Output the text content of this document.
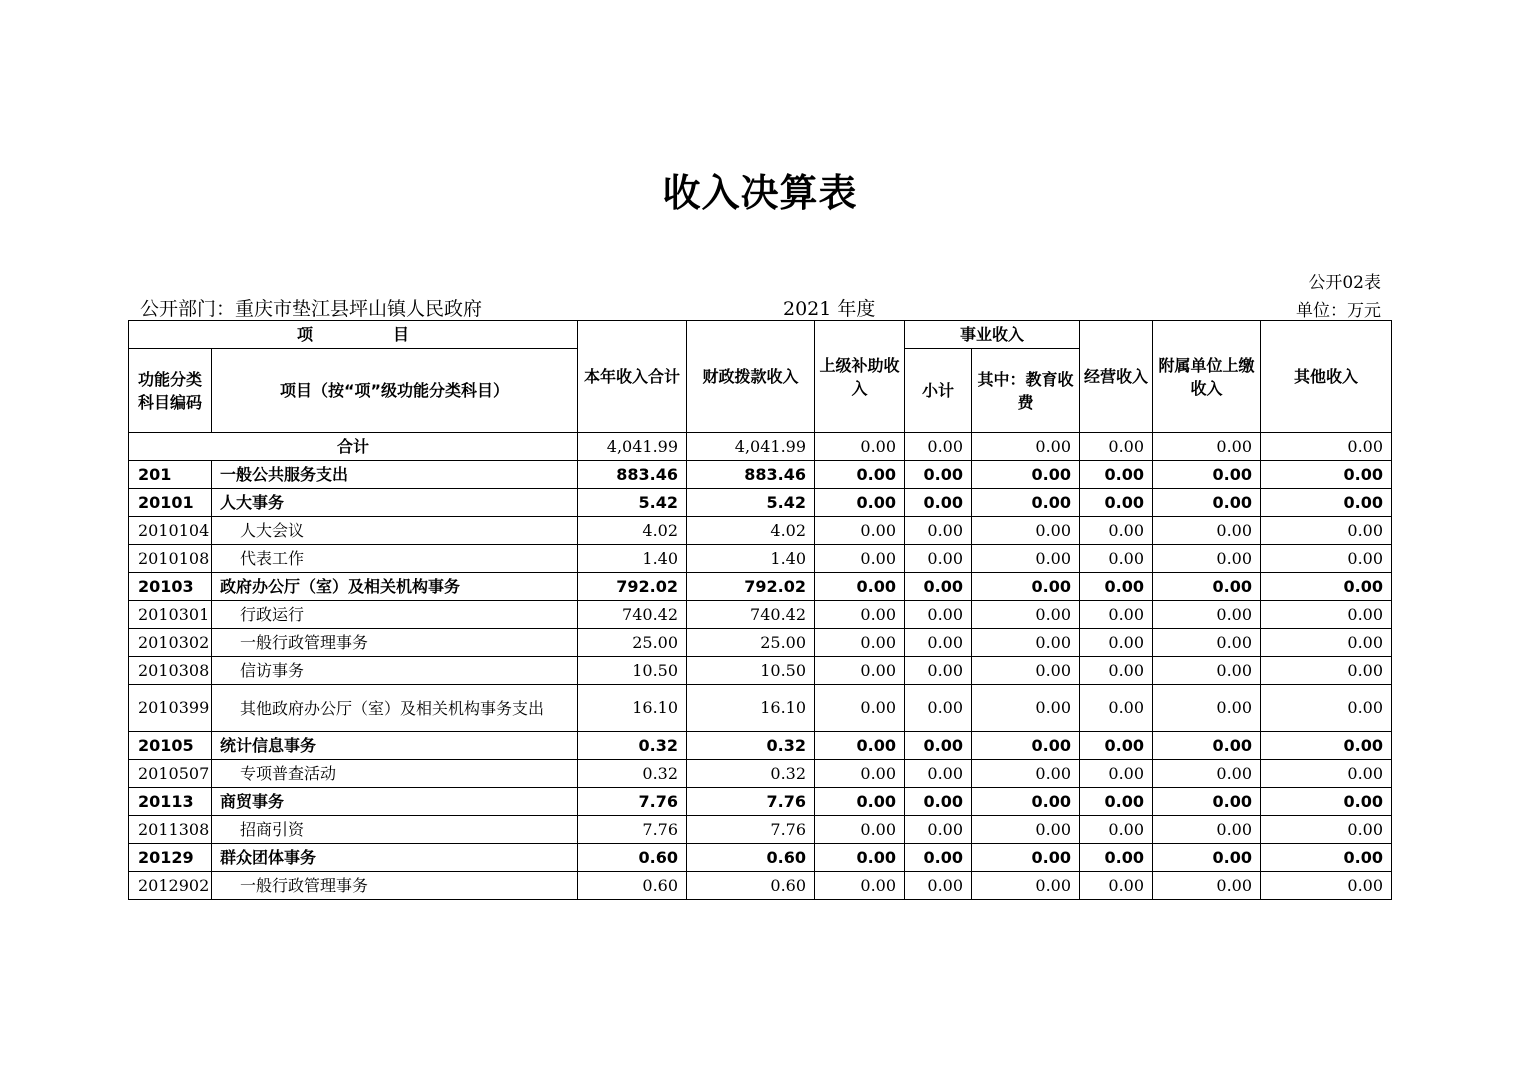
收入决算表
公开02表
公开部门：重庆市垫江县坪山镇人民政府	2021 年度	单位：万元
项　　　　　目		本年收入合计	财政拨款收入	上级补助收入	事业收入		经营收入	附属单位上缴收入	其他收入
功能分类科目编码	项目（按“项”级功能分类科目）				小计	其中：教育收费			

合计		4,041.99	4,041.99	0.00	0.00	0.00	0.00	0.00	0.00
201	一般公共服务支出	883.46	883.46	0.00	0.00	0.00	0.00	0.00	0.00
20101	人大事务	5.42	5.42	0.00	0.00	0.00	0.00	0.00	0.00
2010104	人大会议	4.02	4.02	0.00	0.00	0.00	0.00	0.00	0.00
2010108	代表工作	1.40	1.40	0.00	0.00	0.00	0.00	0.00	0.00
20103	政府办公厅（室）及相关机构事务	792.02	792.02	0.00	0.00	0.00	0.00	0.00	0.00
2010301	行政运行	740.42	740.42	0.00	0.00	0.00	0.00	0.00	0.00
2010302	一般行政管理事务	25.00	25.00	0.00	0.00	0.00	0.00	0.00	0.00
2010308	信访事务	10.50	10.50	0.00	0.00	0.00	0.00	0.00	0.00
2010399	其他政府办公厅（室）及相关机构事务支出	16.10	16.10	0.00	0.00	0.00	0.00	0.00	0.00
20105	统计信息事务	0.32	0.32	0.00	0.00	0.00	0.00	0.00	0.00
2010507	专项普查活动	0.32	0.32	0.00	0.00	0.00	0.00	0.00	0.00
20113	商贸事务	7.76	7.76	0.00	0.00	0.00	0.00	0.00	0.00
2011308	招商引资	7.76	7.76	0.00	0.00	0.00	0.00	0.00	0.00
20129	群众团体事务	0.60	0.60	0.00	0.00	0.00	0.00	0.00	0.00
2012902	一般行政管理事务	0.60	0.60	0.00	0.00	0.00	0.00	0.00	0.00
